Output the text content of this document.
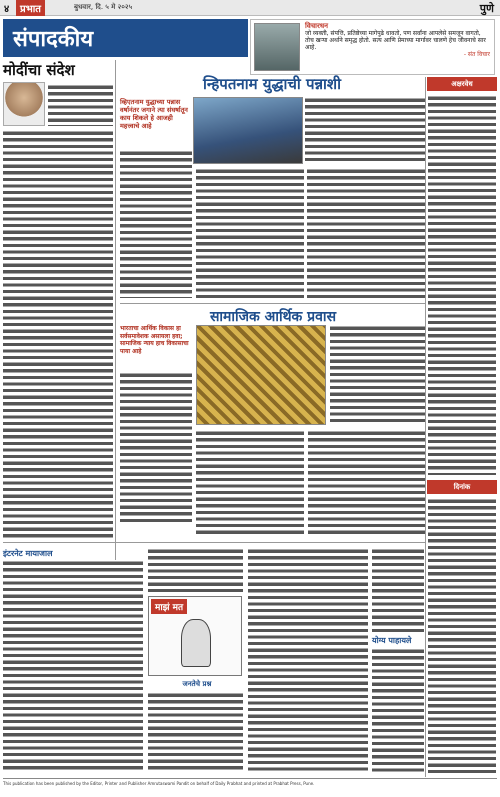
४	प्रभात	बुधवार, दि. ५ मे २०२५	पुणे
संपादकीय	विचारधन
जो व्यक्ती, संपत्ति, प्रतिष्ठेच्या मागेपुढे धावतो, पण सर्वांना आपलेसे समजून वागतो, तोच खऱ्या अर्थाने समृद्ध होतो. सत्य आणि प्रेमाच्या मार्गावर चालणे हेच जीवनाचे सार आहे.
- संत विचार
अक्षरवेध
मोदींचा संदेश
न्हिपतनाम युद्धाची पन्नाशी
व्हिएतनाम युद्धाच्या पन्नास वर्षानंतर जगाने त्या संघर्षातून काय शिकले हे आजही महत्त्वाचे आहे
सामाजिक आर्थिक प्रवास
भारताचा आर्थिक विकास हा सर्वसमावेशक असायला हवा; सामाजिक न्याय हाच विकासाचा पाया आहे
दिनांक
इंटरनेट मायाजाल
माझं मत
जनतेचे प्रश्न
योग्य पाहायले
This publication has been published by the Editor, Printer and Publisher Amrutaswami Pandit on behalf of Daily Prabhat and printed at Prabhat Press, Pune.
